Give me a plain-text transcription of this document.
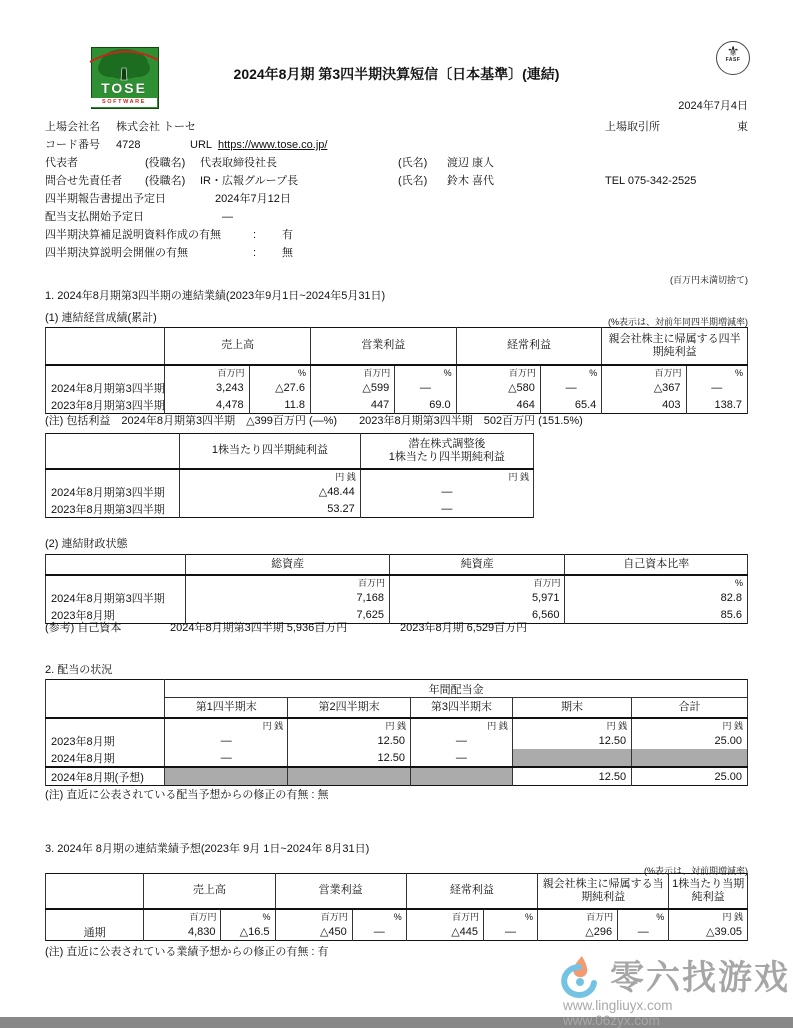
TOSE
SOFTWARE
2024年8月期 第3四半期決算短信〔日本基準〕(連結)
⚜
FASF
2024年7月4日
上場会社名 株式会社 トーセ	上場取引所	東
コード番号 4728	URL https://www.tose.co.jp/
代表者	(役職名) 代表取締役社長	(氏名) 渡辺 康人
問合せ先責任者 (役職名) IR・広報グループ長	(氏名) 鈴木 喜代	TEL 075-342-2525
四半期報告書提出予定日	2024年7月12日
配当支払開始予定日	―
四半期決算補足説明資料作成の有無	: 有
四半期決算説明会開催の有無	: 無
(百万円未満切捨て)
1. 2024年8月期第3四半期の連結業績(2023年9月1日~2024年5月31日)
(1) 連結経営成績(累計)	(%表示は、対前年同四半期増減率)
	売上高		営業利益		経常利益		親会社株主に帰属する四半期純利益	
	百万円	%	百万円	%	百万円	%	百万円	%
2024年8月期第3四半期	3,243	△27.6	△599	―	△580	―	△367	―
2023年8月期第3四半期	4,478	11.8	447	69.0	464	65.4	403	138.7
(注) 包括利益　2024年8月期第3四半期　△399百万円 (―%)　　2023年8月期第3四半期　502百万円 (151.5%)
	1株当たり四半期純利益	潜在株式調整後
1株当たり四半期純利益
	円 銭	円 銭
2024年8月期第3四半期	△48.44	―
2023年8月期第3四半期	53.27	―
(2) 連結財政状態
	総資産	純資産	自己資本比率
	百万円	百万円	%
2024年8月期第3四半期	7,168	5,971	82.8
2023年8月期	7,625	6,560	85.6
(参考) 自己資本	2024年8月期第3四半期 5,936百万円	2023年8月期 6,529百万円
2. 配当の状況
	年間配当金				
	第1四半期末	第2四半期末	第3四半期末	期末	合計
	円 銭	円 銭	円 銭	円 銭	円 銭
2023年8月期	―	12.50	―	12.50	25.00
2024年8月期	―	12.50	―		
2024年8月期(予想)				12.50	25.00
(注) 直近に公表されている配当予想からの修正の有無 : 無
3. 2024年 8月期の連結業績予想(2023年 9月 1日~2024年 8月31日)
(%表示は、対前期増減率)
	売上高		営業利益		経常利益		親会社株主に帰属する当期純利益		1株当たり当期純利益
	百万円	%	百万円	%	百万円	%	百万円	%	円 銭
通期	4,830	△16.5	△450	―	△445	―	△296	―	△39.05
(注) 直近に公表されている業績予想からの修正の有無 : 有
零六找游戏
www.lingliuyx.com www.06zyx.com
